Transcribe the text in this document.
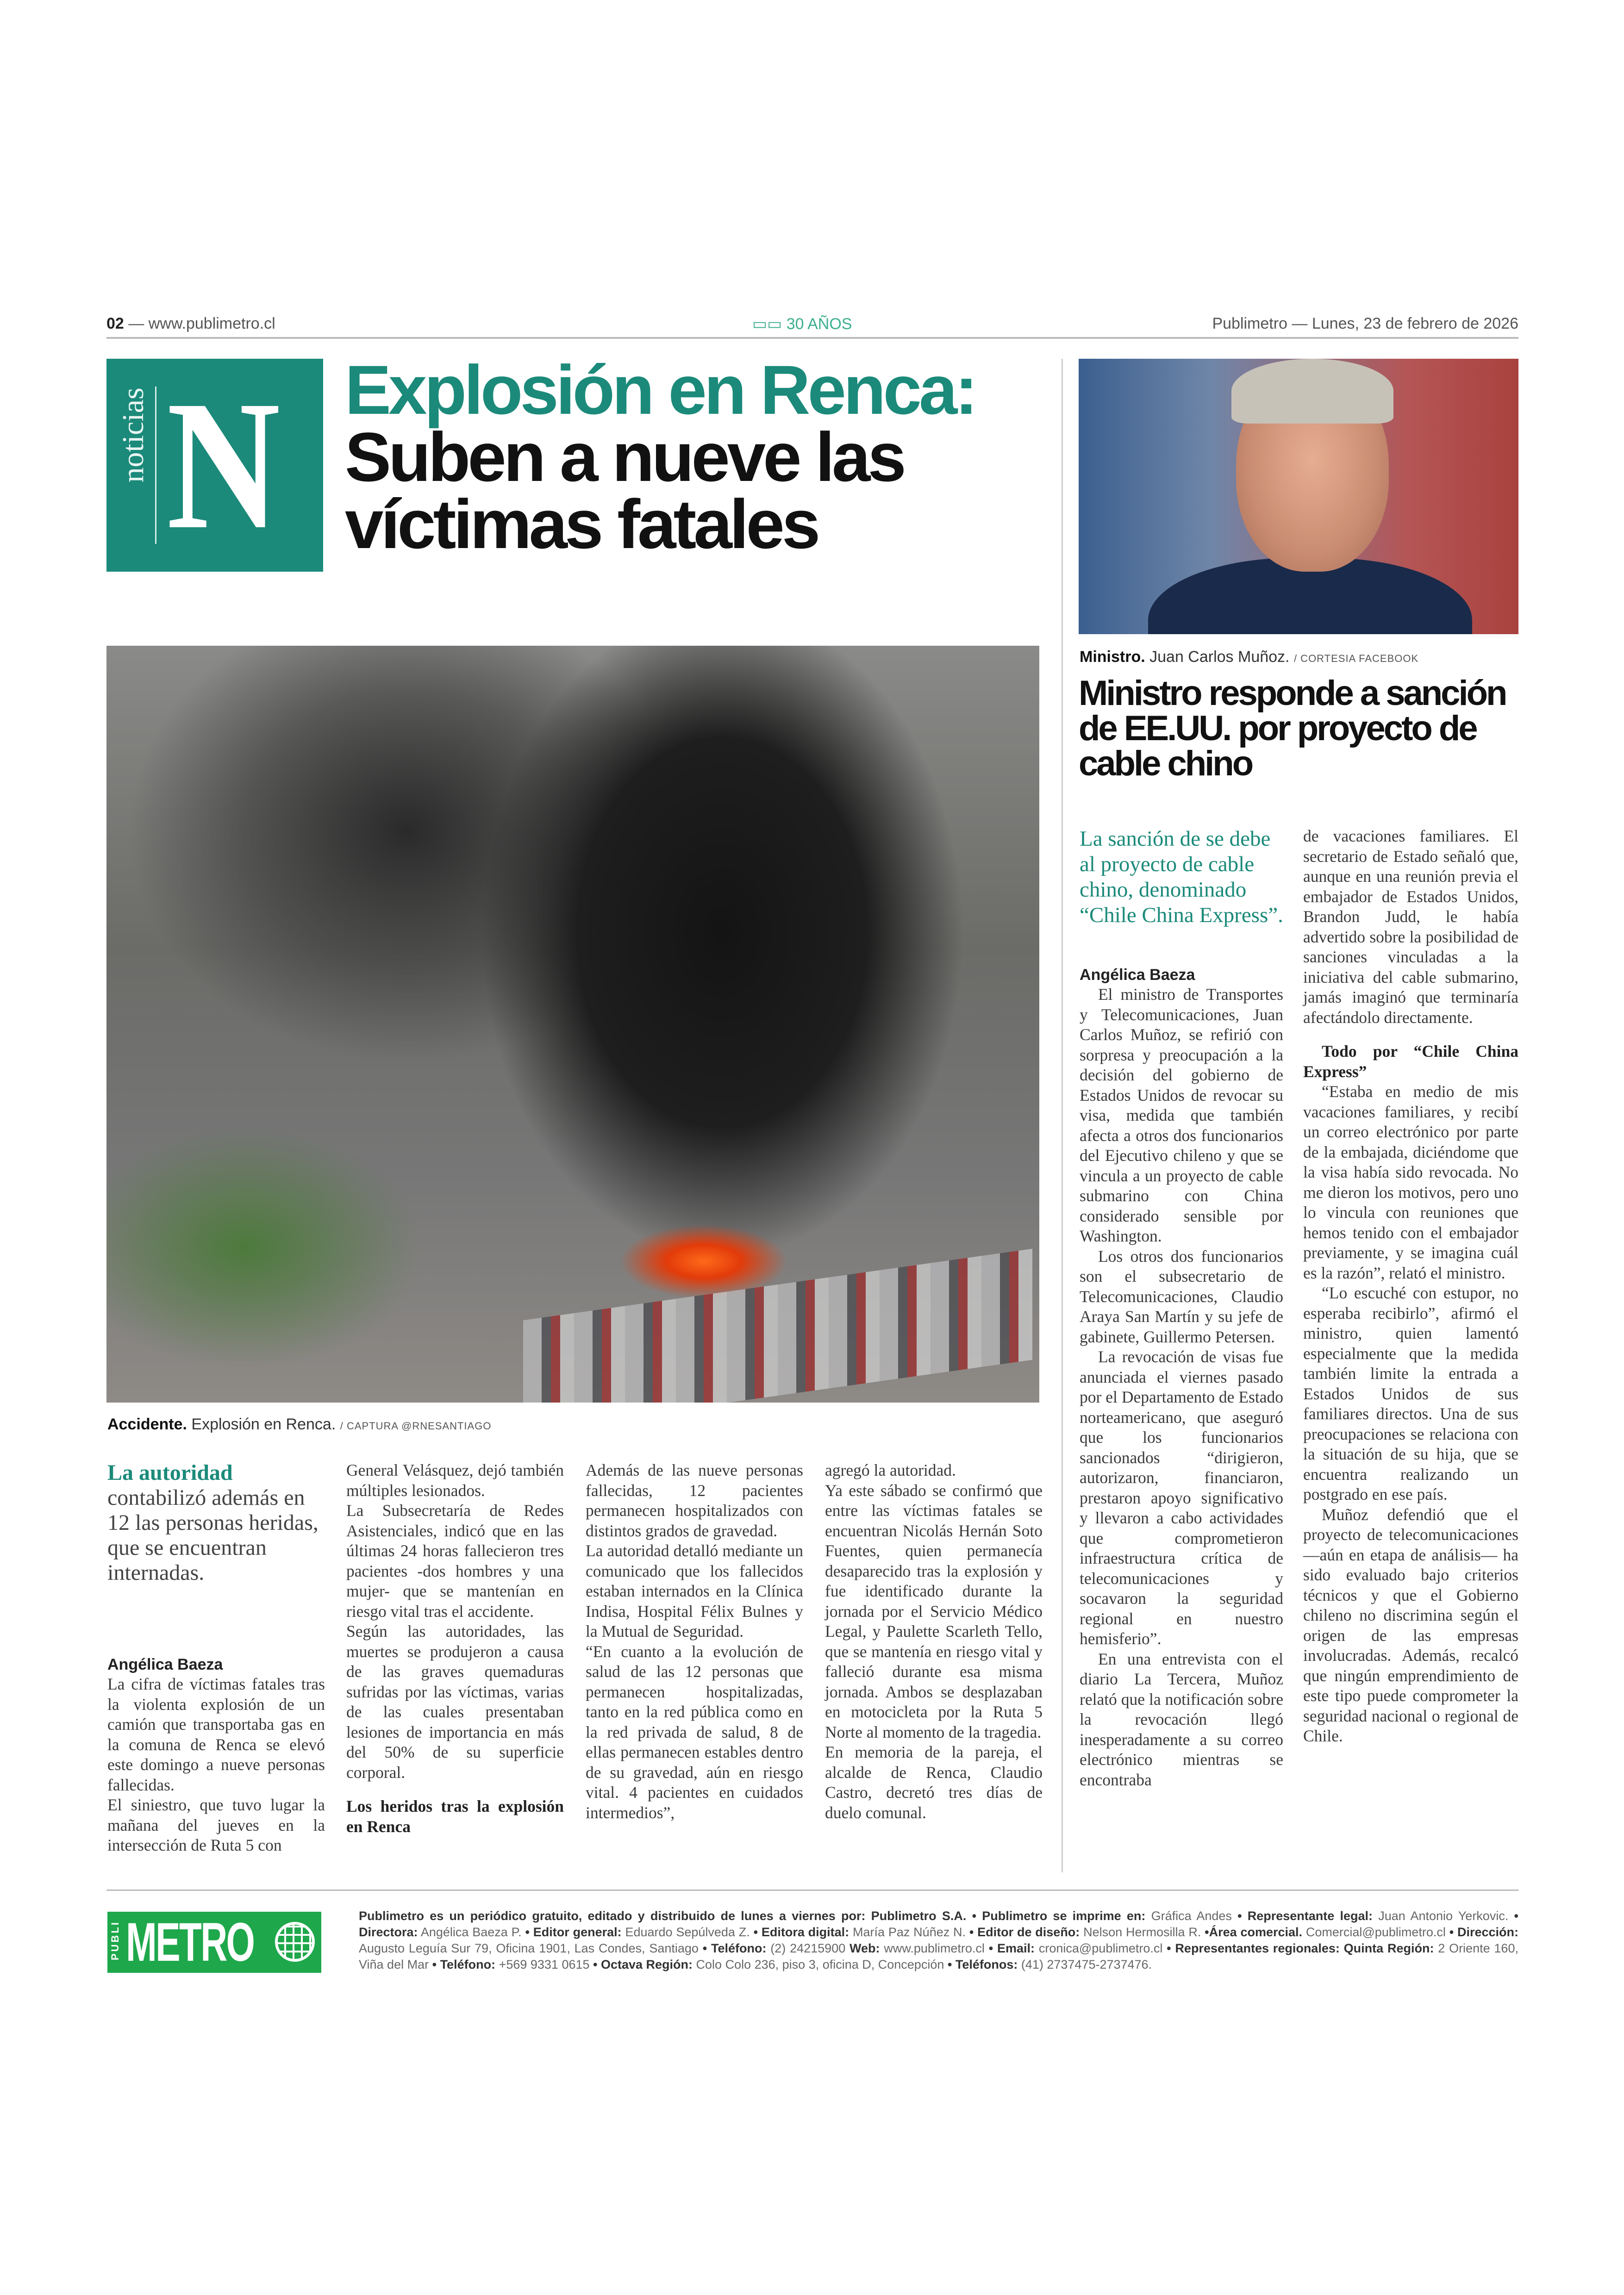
02 — www.publimetro.cl	▭▭ 30 AÑOS	Publimetro — Lunes, 23 de febrero de 2026
noticias N Explosión en Renca: Suben a nueve las víctimas fatales
Accidente. Explosión en Renca. / CAPTURA @RNESANTIAGO

La autoridad contabilizó además en 12 las personas heridas, que se encuentran internadas.

Angélica Baeza

La cifra de víctimas fatales tras la violenta explosión de un camión que transportaba gas en la comuna de Renca se elevó este domingo a nueve personas fallecidas.

El siniestro, que tuvo lugar la mañana del jueves en la intersección de Ruta 5 con

General Velásquez, dejó también múltiples lesionados.

La Subsecretaría de Redes Asistenciales, indicó que en las últimas 24 horas fallecieron tres pacientes -dos hombres y una mujer- que se mantenían en riesgo vital tras el accidente.

Según las autoridades, las muertes se produjeron a causa de las graves quemaduras sufridas por las víctimas, varias de las cuales presentaban lesiones de importancia en más del 50% de su superficie corporal.

Los heridos tras la explosión en Renca

Además de las nueve personas fallecidas, 12 pacientes permanecen hospitalizados con distintos grados de gravedad.

La autoridad detalló mediante un comunicado que los fallecidos estaban internados en la Clínica Indisa, Hospital Félix Bulnes y la Mutual de Seguridad.

“En cuanto a la evolución de salud de las 12 personas que permanecen hospitalizadas, tanto en la red pública como en la red privada de salud, 8 de ellas permanecen estables dentro de su gravedad, aún en riesgo vital. 4 pacientes en cuidados intermedios”,

agregó la autoridad.

Ya este sábado se confirmó que entre las víctimas fatales se encuentran Nicolás Hernán Soto Fuentes, quien permanecía desaparecido tras la explosión y fue identificado durante la jornada por el Servicio Médico Legal, y Paulette Scarleth Tello, que se mantenía en riesgo vital y falleció durante esa misma jornada. Ambos se desplazaban en motocicleta por la Ruta 5 Norte al momento de la tragedia.

En memoria de la pareja, el alcalde de Renca, Claudio Castro, decretó tres días de duelo comunal.

Ministro. Juan Carlos Muñoz. / CORTESIA FACEBOOK
Ministro responde a sanción de EE.UU. por proyecto de cable chino

La sanción de se debe al proyecto de cable chino, denominado “Chile China Express”.

Angélica Baeza

El ministro de Transportes y Telecomunicaciones, Juan Carlos Muñoz, se refirió con sorpresa y preocupación a la decisión del gobierno de Estados Unidos de revocar su visa, medida que también afecta a otros dos funcionarios del Ejecutivo chileno y que se vincula a un proyecto de cable submarino con China considerado sensible por Washington.

Los otros dos funcionarios son el subsecretario de Telecomunicaciones, Claudio Araya San Martín y su jefe de gabinete, Guillermo Petersen.

La revocación de visas fue anunciada el viernes pasado por el Departamento de Estado norteamericano, que aseguró que los funcionarios sancionados “dirigieron, autorizaron, financiaron, prestaron apoyo significativo y llevaron a cabo actividades que comprometieron infraestructura crítica de telecomunicaciones y socavaron la seguridad regional en nuestro hemisferio”.

En una entrevista con el diario La Tercera, Muñoz relató que la notificación sobre la revocación llegó inesperadamente a su correo electrónico mientras se encontraba

de vacaciones familiares. El secretario de Estado señaló que, aunque en una reunión previa el embajador de Estados Unidos, Brandon Judd, le había advertido sobre la posibilidad de sanciones vinculadas a la iniciativa del cable submarino, jamás imaginó que terminaría afectándolo directamente.

Todo por “Chile China Express”

“Estaba en medio de mis vacaciones familiares, y recibí un correo electrónico por parte de la embajada, diciéndome que la visa había sido revocada. No me dieron los motivos, pero uno lo vincula con reuniones que hemos tenido con el embajador previamente, y se imagina cuál es la razón”, relató el ministro.

“Lo escuché con estupor, no esperaba recibirlo”, afirmó el ministro, quien lamentó especialmente que la medida también limite la entrada a Estados Unidos de sus familiares directos. Una de sus preocupaciones se relaciona con la situación de su hija, que se encuentra realizando un postgrado en ese país.

Muñoz defendió que el proyecto de telecomunicaciones —aún en etapa de análisis— ha sido evaluado bajo criterios técnicos y que el Gobierno chileno no discrimina según el origen de las empresas involucradas. Además, recalcó que ningún emprendimiento de este tipo puede comprometer la seguridad nacional o regional de Chile.

PUBLI METRO	Publimetro es un periódico gratuito, editado y distribuido de lunes a viernes por: Publimetro S.A. • Publimetro se imprime en: Gráfica Andes • Representante legal: Juan Antonio Yerkovic. • Directora: Angélica Baeza P. • Editor general: Eduardo Sepúlveda Z. • Editora digital: María Paz Núñez N. • Editor de diseño: Nelson Hermosilla R. •Área comercial. Comercial@publimetro.cl • Dirección: Augusto Leguía Sur 79, Oficina 1901, Las Condes, Santiago • Teléfono: (2) 24215900 Web: www.publimetro.cl • Email: cronica@publimetro.cl • Representantes regionales: Quinta Región: 2 Oriente 160, Viña del Mar • Teléfono: +569 9331 0615 • Octava Región: Colo Colo 236, piso 3, oficina D, Concepción • Teléfonos: (41) 2737475-2737476.
